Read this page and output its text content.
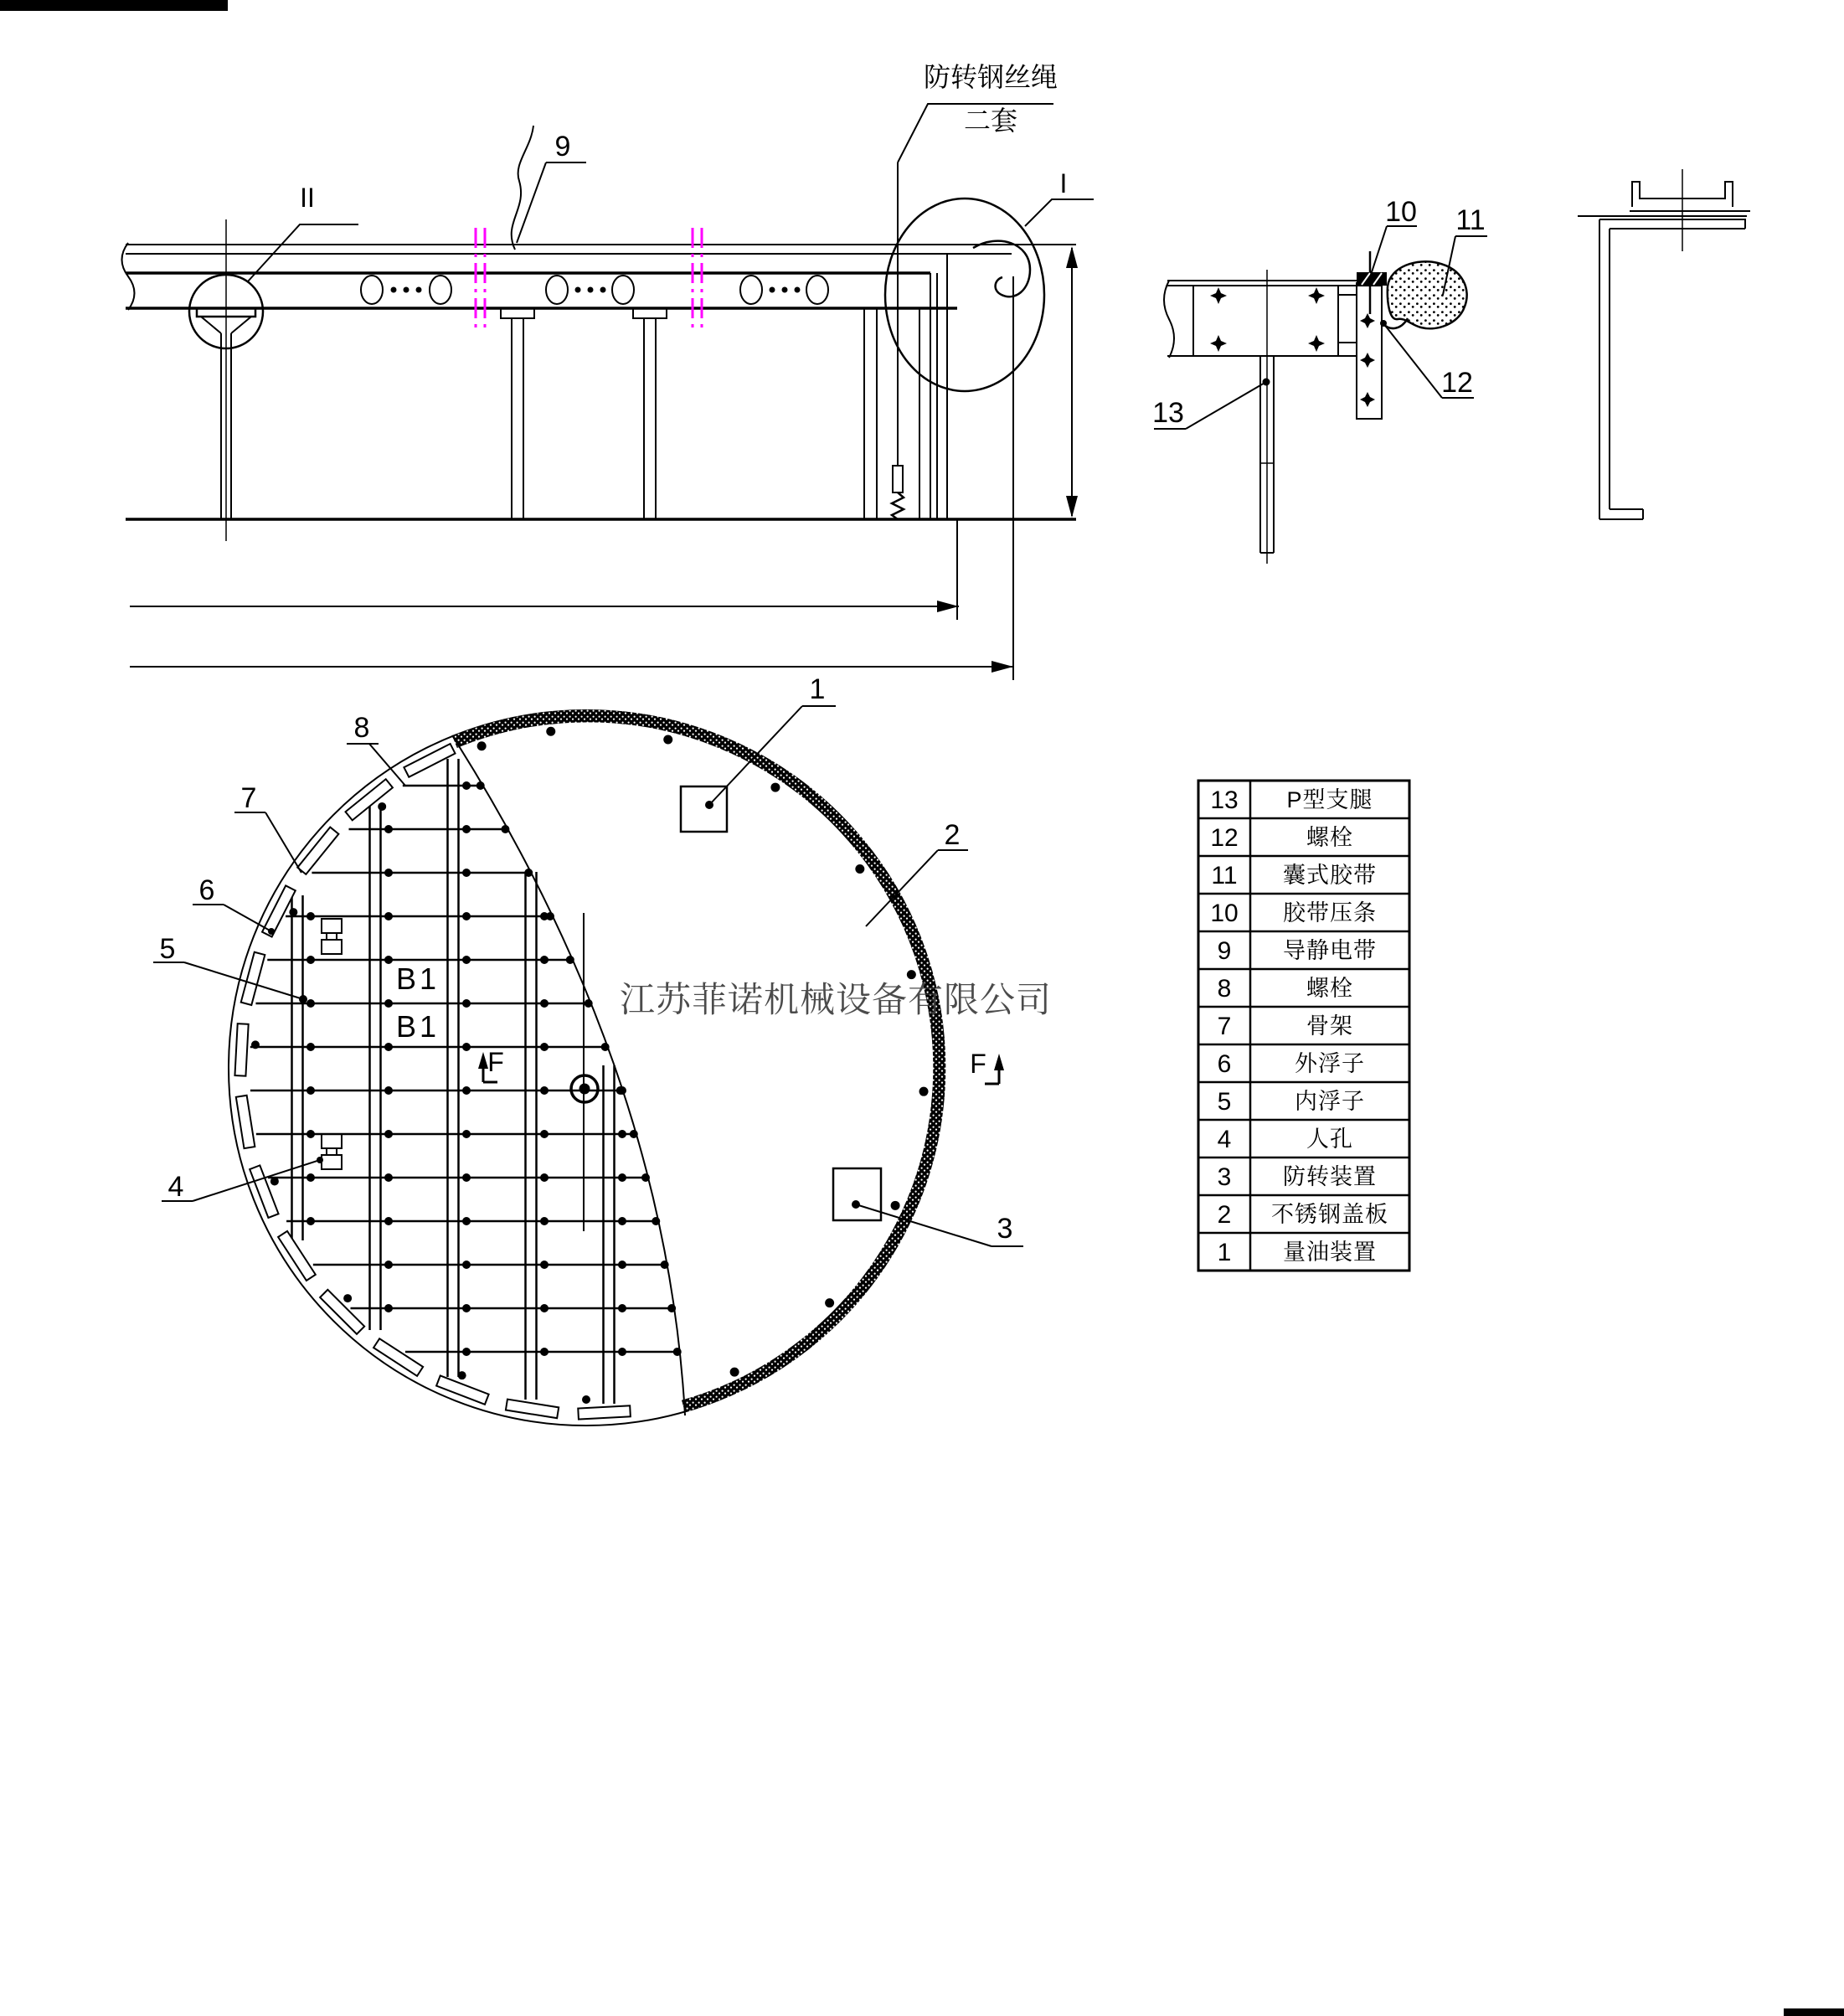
II
9
防转钢丝绳
二套
I
10 11
12
13
B1
B1
F	F
1
2
3
4
5
6
7
8
江苏菲诺机械设备有限公司
13 P型支腿
12	螺栓
11 囊式胶带
10 胶带压条
9 导静电带
8	螺栓
7	骨架
6	外浮子
5	内浮子
4	人孔
3 防转装置
2 不锈钢盖板
1 量油装置
